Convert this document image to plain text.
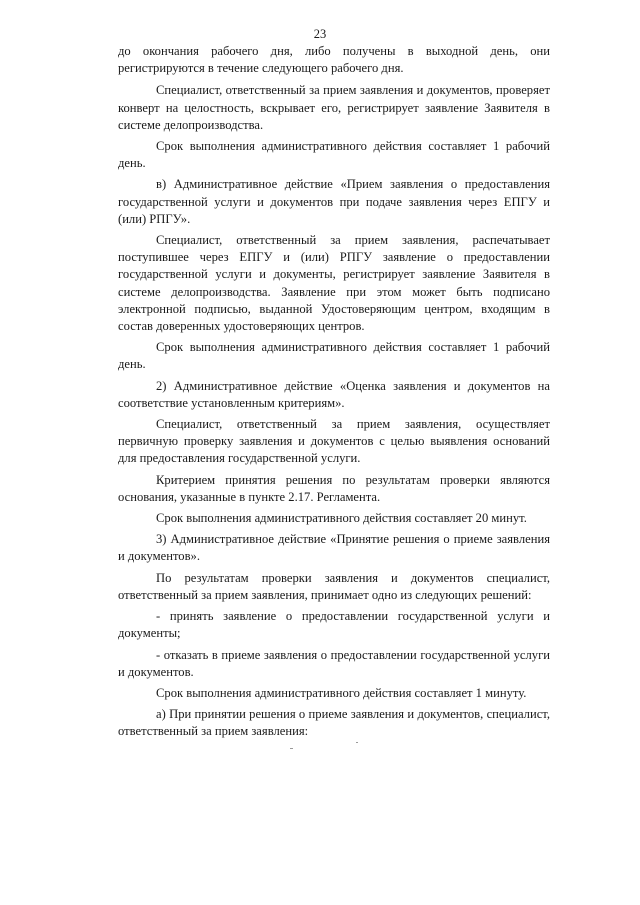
23

до окончания рабочего дня, либо получены в выходной день, они регистрируются в течение следующего рабочего дня.

Специалист, ответственный за прием заявления и документов, проверяет конверт на целостность, вскрывает его, регистрирует заявление Заявителя в системе делопроизводства.

Срок выполнения административного действия составляет 1 рабочий день.

в) Административное действие «Прием заявления о предоставления государственной услуги и документов при подаче заявления через ЕПГУ и (или) РПГУ».

Специалист, ответственный за прием заявления, распечатывает поступившее через ЕПГУ и (или) РПГУ заявление о предоставлении государственной услуги и документы, регистрирует заявление Заявителя в системе делопроизводства. Заявление при этом может быть подписано электронной подписью, выданной Удостоверяющим центром, входящим в состав доверенных удостоверяющих центров.

Срок выполнения административного действия составляет 1 рабочий день.

2) Административное действие «Оценка заявления и документов на соответствие установленным критериям».

Специалист, ответственный за прием заявления, осуществляет первичную проверку заявления и документов с целью выявления оснований для предоставления государственной услуги.

Критерием принятия решения по результатам проверки являются основания, указанные в пункте 2.17. Регламента.

Срок выполнения административного действия составляет 20 минут.

3) Административное действие «Принятие решения о приеме заявления и документов».

По результатам проверки заявления и документов специалист, ответственный за прием заявления, принимает одно из следующих решений:

- принять заявление о предоставлении государственной услуги и документы;

- отказать в приеме заявления о предоставлении государственной услуги и документов.

Срок выполнения административного действия составляет 1 минуту.

а) При принятии решения о приеме заявления и документов, специалист, ответственный за прием заявления:
